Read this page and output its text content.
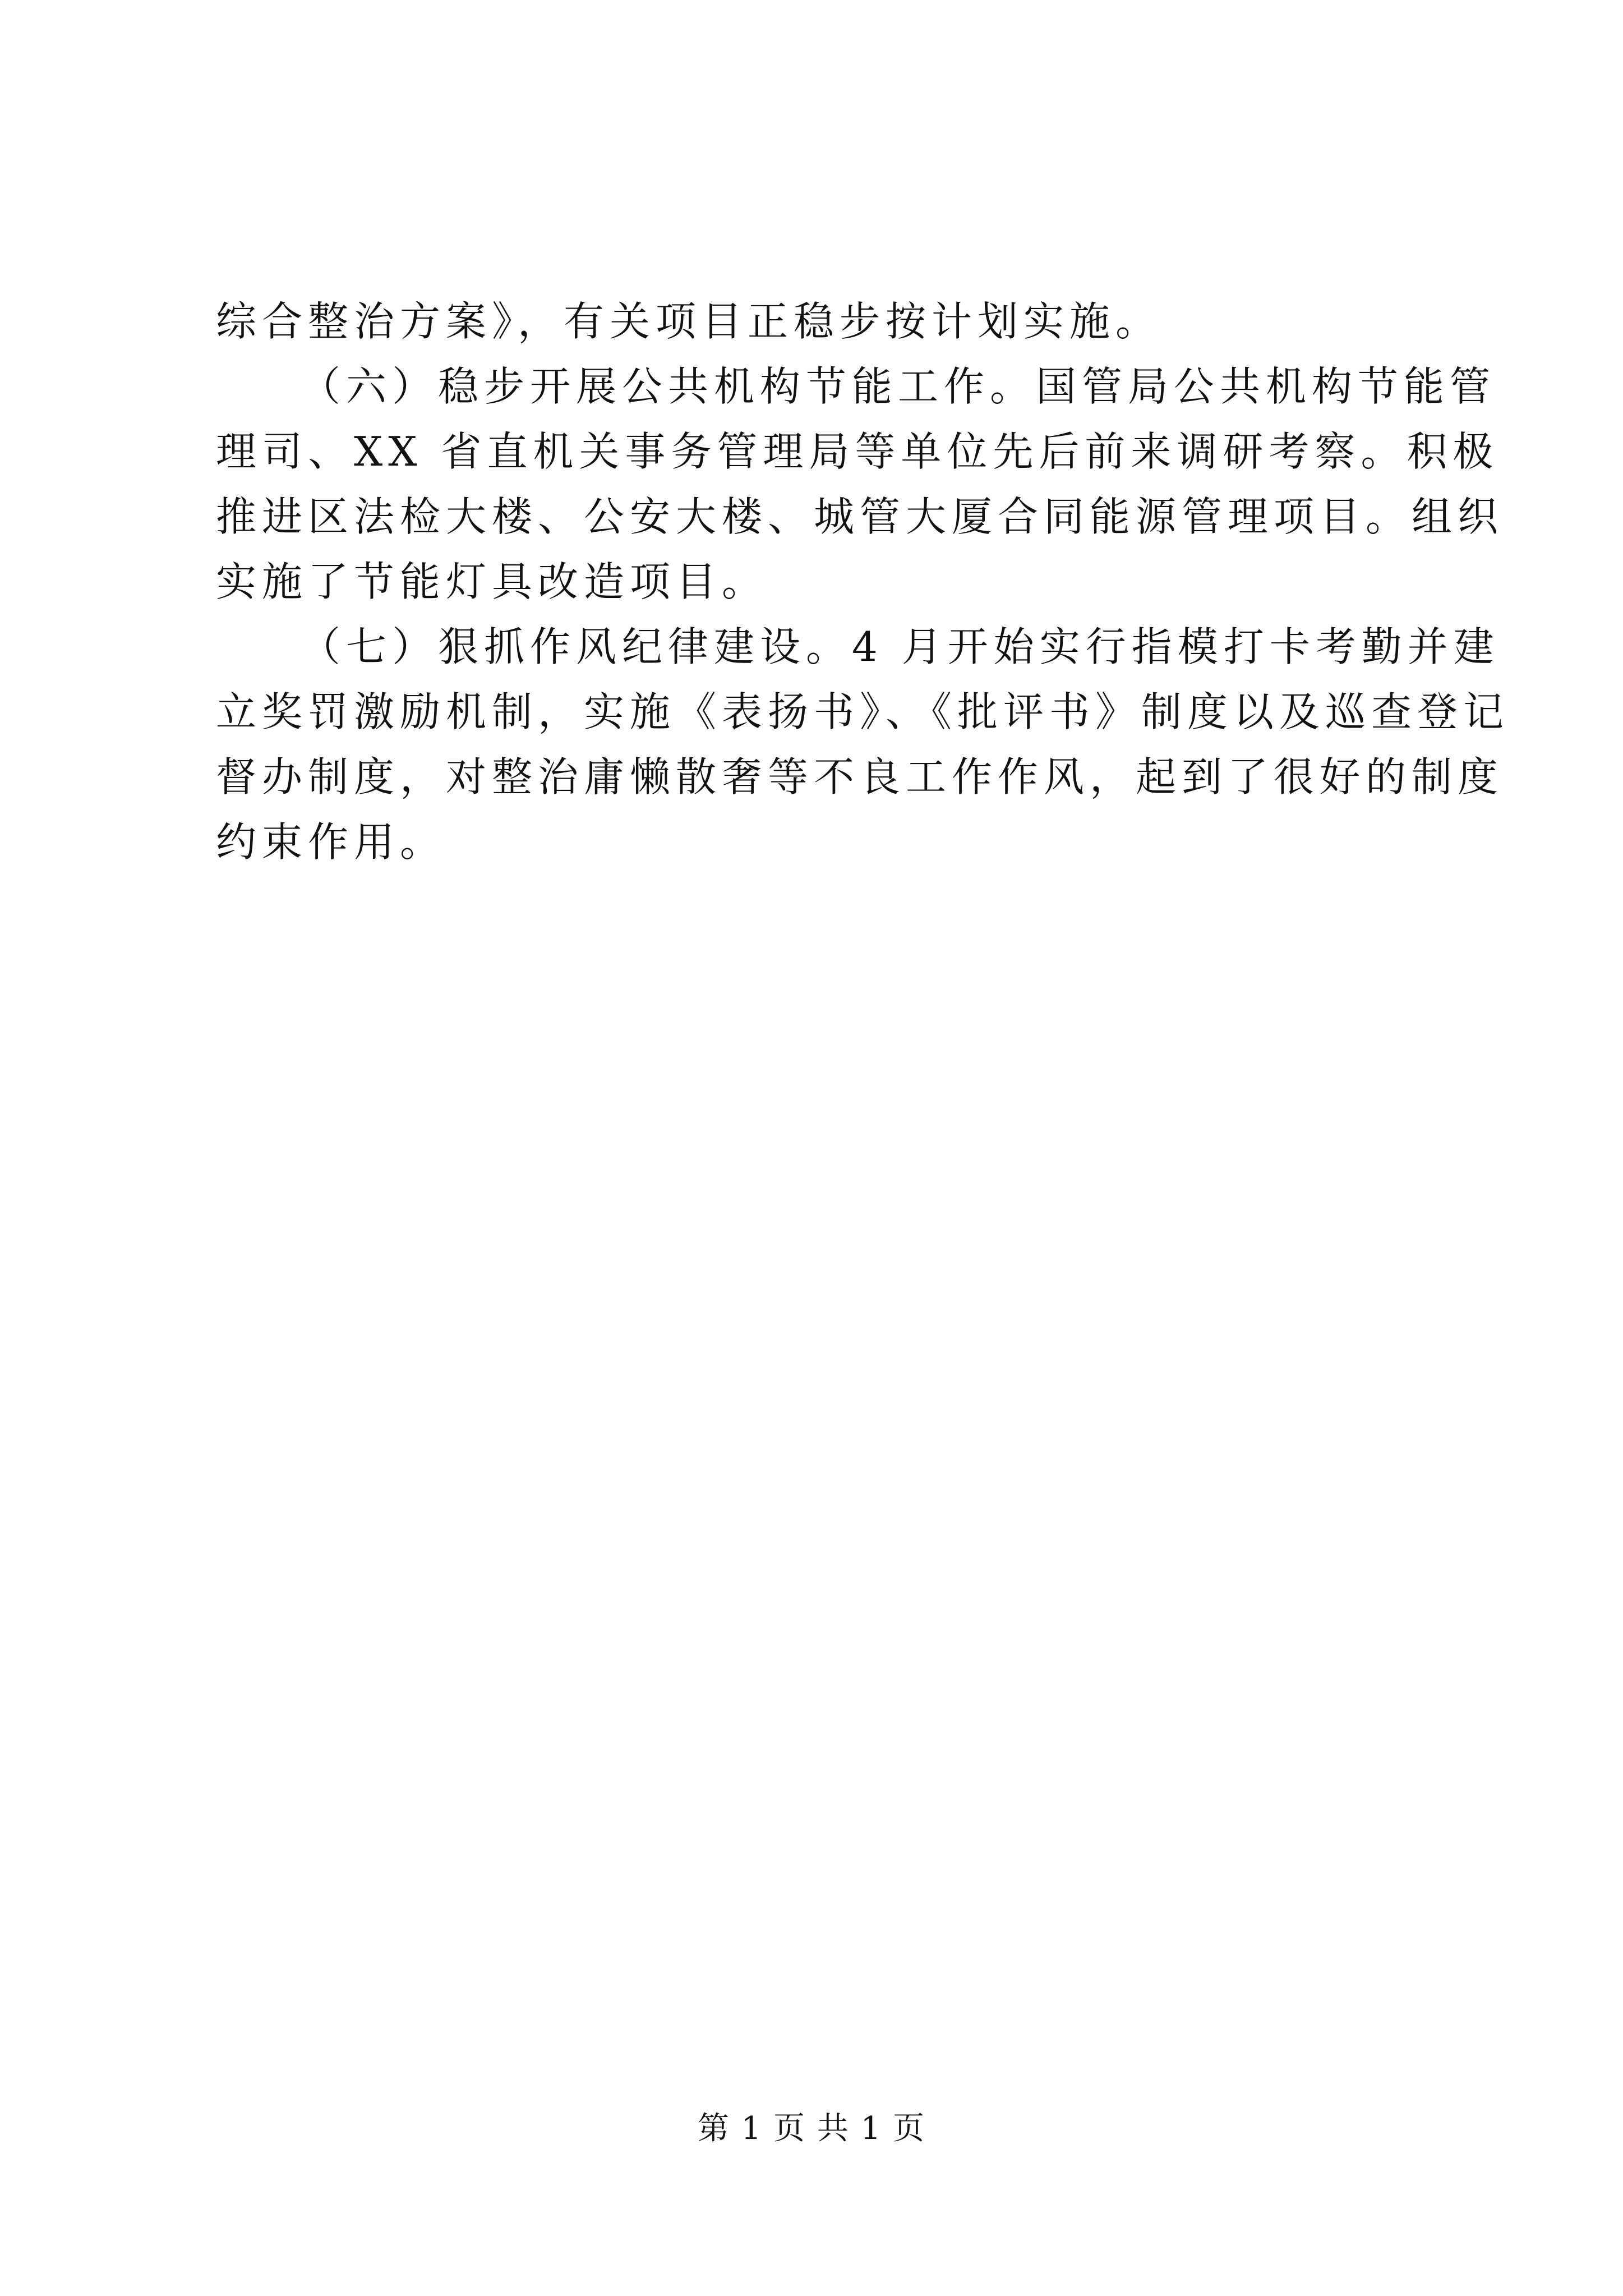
综合整治方案》，有关项目正稳步按计划实施。
（六）稳步开展公共机构节能工作。国管局公共机构节能管
理司、XX 省直机关事务管理局等单位先后前来调研考察。积极
推进区法检大楼、公安大楼、城管大厦合同能源管理项目。组织
实施了节能灯具改造项目。
（七）狠抓作风纪律建设。4 月开始实行指模打卡考勤并建
立奖罚激励机制，实施《表扬书》、《批评书》制度以及巡查登记
督办制度，对整治庸懒散奢等不良工作作风，起到了很好的制度
约束作用。
第 1 页 共 1 页
